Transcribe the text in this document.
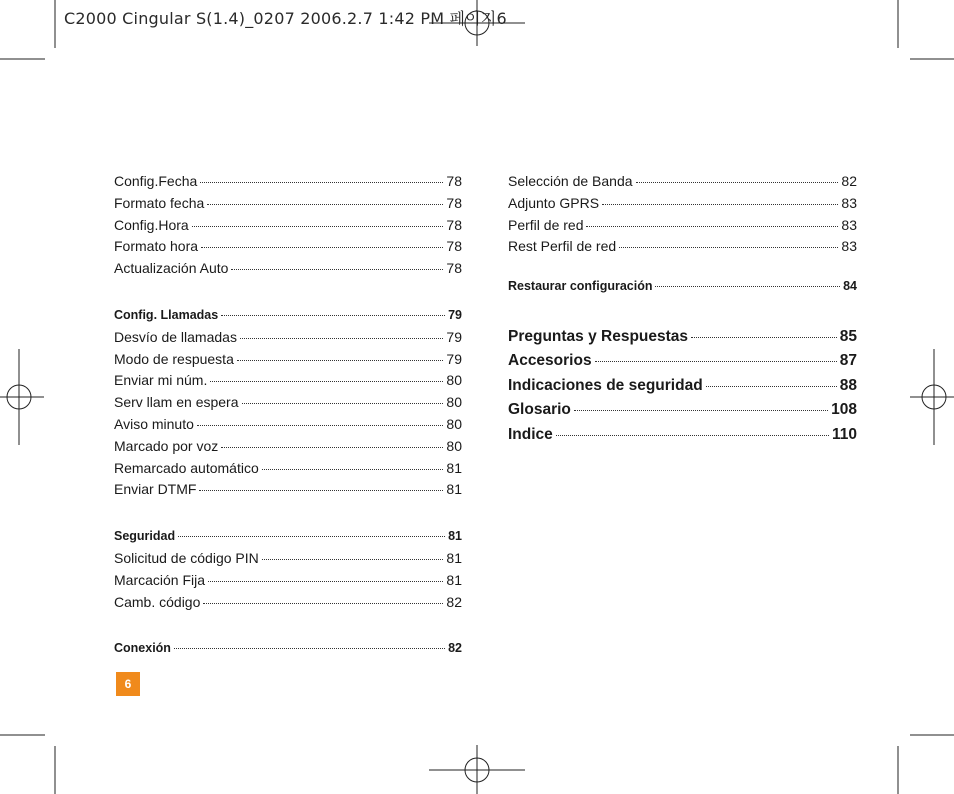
C2000 Cingular S(1.4)_0207 2006.2.7 1:42 PM 페이지6
Config.Fecha	78
Formato fecha	78
Config.Hora	78
Formato hora	78
Actualización Auto	78
Config. Llamadas	79
Desvío de llamadas	79
Modo de respuesta	79
Enviar mi núm.	80
Serv llam en espera	80
Aviso minuto	80
Marcado por voz	80
Remarcado automático	81
Enviar DTMF	81
Seguridad	81
Solicitud de código PIN	81
Marcación Fija	81
Camb. código	82
Conexión	82
Selección de Banda	82
Adjunto GPRS	83
Perfil de red	83
Rest Perfil de red	83
Restaurar configuración	84
Preguntas y Respuestas	85
Accesorios	87
Indicaciones de seguridad	88
Glosario	108
Indice	110
6
